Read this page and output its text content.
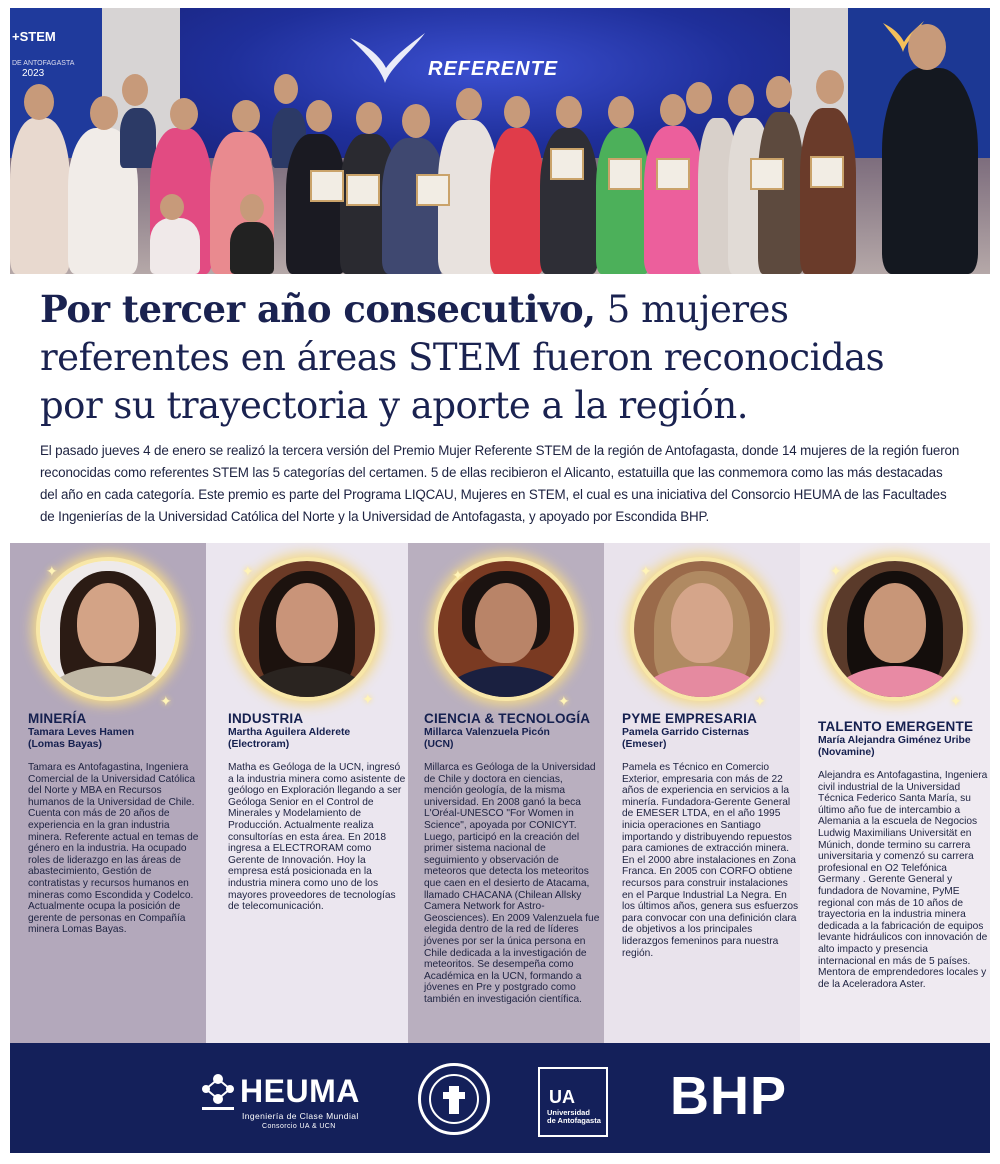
+STEM
DE ANTOFAGASTA
2023	REFERENTE
Por tercer año consecutivo, 5 mujeres referentes en áreas STEM fueron reconocidas por su trayectoria y aporte a la región.
El pasado jueves 4 de enero se realizó la tercera versión del Premio Mujer Referente STEM de la región de Antofagasta, donde 14 mujeres de la región fueron reconocidas como referentes STEM las 5 categorías del certamen. 5 de ellas recibieron el Alicanto, estatuilla que las conmemora como las más destacadas del año en cada categoría. Este premio es parte del Programa LIQCAU, Mujeres en STEM, el cual es una iniciativa del Consorcio HEUMA de las Facultades de Ingenierías de la Universidad Católica del Norte y la Universidad de Antofagasta, y apoyado por Escondida BHP.
✦
✦
MINERÍA
Tamara Leves Hamen
(Lomas Bayas)
Tamara es Antofagastina, Ingeniera Comercial de la Universidad Católica del Norte y MBA en Recursos humanos de la Universidad de Chile. Cuenta con más de 20 años de experiencia en la gran industria minera. Referente actual en temas de género en la industria. Ha ocupado roles de liderazgo en las áreas de abastecimiento, Gestión de contratistas y recursos humanos en mineras como Escondida y Codelco. Actualmente ocupa la posición de gerente de personas en Compañía minera Lomas Bayas.
✦
✦
INDUSTRIA
Martha Aguilera Alderete
(Electroram)
Matha es Geóloga de la UCN, ingresó a la industria minera como asistente de geólogo en Exploración llegando a ser Geóloga Senior en el Control de Minerales y Modelamiento de Producción. Actualmente realiza consultorías en esta área. En 2018 ingresa a ELECTRORAM como Gerente de Innovación. Hoy la empresa está posicionada en la industria minera como uno de los mayores proveedores de tecnologías de telecomunicación.
✦
✦
CIENCIA & TECNOLOGÍA
Millarca Valenzuela Picón
(UCN)
Millarca es Geóloga de la Universidad de Chile y doctora en ciencias, mención geología, de la misma universidad. En 2008 ganó la beca L'Oréal-UNESCO "For Women in Science", apoyada por CONICYT. Luego, participó en la creación del primer sistema nacional de seguimiento y observación de meteoros que detecta los meteoritos que caen en el desierto de Atacama, llamado CHACANA (Chilean Allsky Camera Network for Astro-Geosciences). En 2009 Valenzuela fue elegida dentro de la red de líderes jóvenes por ser la única persona en Chile dedicada a la investigación de meteoritos. Se desempeña como Académica en la UCN, formando a jóvenes en Pre y postgrado como también en investigación científica.
✦
✦
PYME EMPRESARIA
Pamela Garrido Cisternas
(Emeser)
Pamela es Técnico en Comercio Exterior, empresaria con más de 22 años de experiencia en servicios a la minería. Fundadora-Gerente General de EMESER LTDA, en el año 1995 inicia operaciones en Santiago importando y distribuyendo repuestos para camiones de extracción minera. En el 2000 abre instalaciones en Zona Franca. En 2005 con CORFO obtiene recursos para construir instalaciones en el Parque Industrial La Negra. En los últimos años, genera sus esfuerzos para convocar con una definición clara de objetivos a los principales liderazgos femeninos para nuestra región.
✦
✦
TALENTO EMERGENTE
María Alejandra Giménez Uribe
(Novamine)
Alejandra es Antofagastina, Ingeniera civil industrial de la Universidad Técnica Federico Santa María, su último año fue de intercambio a Alemania a la escuela de Negocios Ludwig Maximilians Universität en Múnich, donde termino su carrera universitaria y comenzó su carrera profesional en O2 Telefónica Germany . Gerente General y fundadora de Novamine, PyME regional con más de 10 años de trayectoria en la industria minera dedicada a la fabricación de equipos levante hidráulicos con innovación de alto impacto y presencia internacional en más de 5 países. Mentora de emprendedores locales y de la Aceleradora Aster.
HEUMA
Ingeniería de Clase Mundial
Consorcio UA & UCN
UA
Universidad
de Antofagasta BHP
